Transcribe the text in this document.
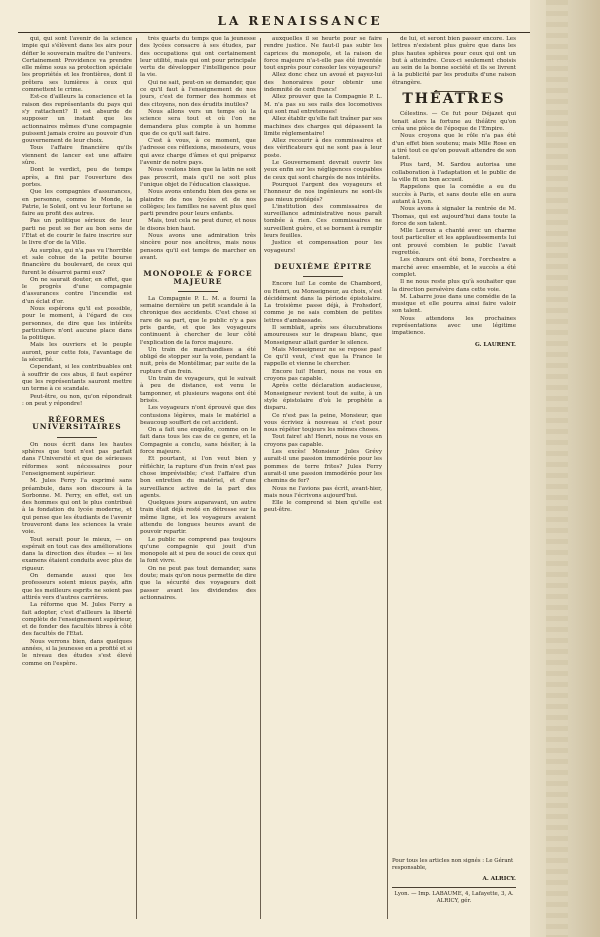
LA RENAISSANCE

qui, qui sont l'avenir de la science impie qui s'élèvent dans les airs pour défier le souverain maître de l'univers. Certainement Providence va prendre elle même sous sa protection spéciale les propriétés et les frontières, dont il prêtera ses lumières à ceux qui commettent le crime.

Est-ce d'ailleurs la conscience et la raison des représentants du pays qui s'y rattachent? Il est absurde de supposer un instant que les actionnaires mêmes d'une compagnie puissent jamais croire au pouvoir d'un gouvernement de leur choix.

Tous l'affaire financière qu'ils viennent de lancer est une affaire sûre.

Dont le verdict, peu de temps après, a fini par l'ouverture des portes.

Que les compagnies d'assurances, en personne, comme le Monde, la Patrie, le Soleil, ont vu leur fortune se faire au profit des autres.

Pas un politique sérieux de leur parti ne peut se fier au bon sens de l'Etat et de courir le faire inscrire sur le livre d'or de la Ville.

Au surplus, qui n'a pas vu l'horrible et sale cohue de la petite bourse financière du boulevard, de ceux qui furent le désarroi parmi eux?

On ne saurait douter, en effet, que le progrès d'une compagnie d'assurances contre l'incendie est d'un éclat d'or.

Nous espérons qu'il est possible, pour le moment, à l'égard de ces personnes, de dire que les intérêts particuliers n'ont aucune place dans la politique.

Mais les ouvriers et le peuple auront, pour cette fois, l'avantage de la sécurité.

Cependant, si les contribuables ont à souffrir de ces abus, il faut espérer que les représentants sauront mettre un terme à ce scandale.

Peut-être, ou non, qu'on répondrait : on peut y répondre!

RÉFORMES UNIVERSITAIRES

On nous écrit dans les hautes sphères que tout n'est pas parfait dans l'Université et que de sérieuses réformes sont nécessaires pour l'enseignement supérieur.

M. Jules Ferry l'a exprimé sans préambule, dans son discours à la Sorbonne. M. Ferry, en effet, est un des hommes qui ont le plus contribué à la fondation du lycée moderne, et qui pense que les étudiants de l'avenir trouveront dans les sciences la vraie voie.

Tout serait pour le mieux, — on espérait en tout cas des améliorations dans la direction des études — si les examens étaient conduits avec plus de rigueur.

On demande aussi que les professeurs soient mieux payés, afin que les meilleurs esprits ne soient pas attirés vers d'autres carrières.

La réforme que M. Jules Ferry a fait adopter, c'est d'ailleurs la liberté complète de l'enseignement supérieur, et de fonder des facultés libres à côté des facultés de l'Etat.

Nous verrons bien, dans quelques années, si la jeunesse en a profité et si le niveau des études s'est élevé comme on l'espère.

très quarts du temps que la jeunesse des lycées consacre à ses études, par des occupations qui ont certainement leur utilité, mais qui ont pour principale vertu de développer l'intelligence pour la vie.

Qui ne sait, peut-on se demander, que ce qu'il faut à l'enseignement de nos jours, c'est de former des hommes et des citoyens, non des érudits inutiles?

Nous allons vers un temps où la science sera tout et où l'on ne demandera plus compte à un homme que de ce qu'il sait faire.

C'est à vous, à ce moment, que j'adresse ces réflexions, messieurs, vous qui avez charge d'âmes et qui préparez l'avenir de notre pays.

Nous voulons bien que la latin ne soit pas proscrit, mais qu'il ne soit plus l'unique objet de l'éducation classique.

Nous avons entendu bien des gens se plaindre de nos lycées et de nos collèges; les familles ne savent plus quel parti prendre pour leurs enfants.

Mais, tout cela ne peut durer, et nous le disons bien haut.

Nous avons une admiration très sincère pour nos ancêtres, mais nous pensons qu'il est temps de marcher en avant.

MONOPOLE & FORCE MAJEURE

La Compagnie P. L. M. a fourni la semaine dernière un petit scandale à la chronique des accidents. C'est chose si rare de sa part, que le public n'y a pas pris garde, et que les voyageurs continuent à chercher de leur côté l'explication de la force majeure.

Un train de marchandises a été obligé de stopper sur la voie, pendant la nuit, près de Montélimar, par suite de la rupture d'un frein.

Un train de voyageurs, qui le suivait à peu de distance, est venu le tamponner, et plusieurs wagons ont été brisés.

Les voyageurs n'ont éprouvé que des contusions légères, mais le matériel a beaucoup souffert de cet accident.

On a fait une enquête, comme on le fait dans tous les cas de ce genre, et la Compagnie a conclu, sans hésiter, à la force majeure.

Et pourtant, si l'on veut bien y réfléchir, la rupture d'un frein n'est pas chose imprévisible; c'est l'affaire d'un bon entretien du matériel, et d'une surveillance active de la part des agents.

Quelques jours auparavant, un autre train était déjà resté en détresse sur la même ligne, et les voyageurs avaient attendu de longues heures avant de pouvoir repartir.

Le public ne comprend pas toujours qu'une compagnie qui jouit d'un monopole ait si peu de souci de ceux qui la font vivre.

On ne peut pas tout demander, sans doute; mais qu'on nous permette de dire que la sécurité des voyageurs doit passer avant les dividendes des actionnaires.

auxquelles il se heurte pour se faire rendre justice. Ne faut-il pas subir les caprices du monopole, et la raison de force majeure n'a-t-elle pas été inventée tout exprès pour consoler les voyageurs?

Allez donc chez un avoué et payez-lui des honoraires pour obtenir une indemnité de cent francs!

Allez prouver que la Compagnie P. L. M. n'a pas su ses rails des locomotives qui sont mal entretenues!

Allez établir qu'elle fait traîner par ses machines des charges qui dépassent la limite réglementaire!

Allez recourir à des commissaires et des vérificateurs qui ne sont pas à leur poste.

Le Gouvernement devrait ouvrir les yeux enfin sur les négligences coupables de ceux qui sont chargés de nos intérêts.

Pourquoi l'argent des voyageurs et l'honneur de nos ingénieurs ne sont-ils pas mieux protégés?

L'institution des commissaires de surveillance administrative nous paraît tombée à rien. Ces commissaires ne surveillent guère, et se bornent à remplir leurs feuilles.

Justice et compensation pour les voyageurs!

DEUXIÈME ÉPITRE

Encore lui! Le comte de Chambord, ou Henri, ou Monseigneur, au choix, s'est décidément dans la période épistolaire. La troisième passe déjà, à Frohsdorf, comme je ne sais combien de petites lettres d'ambassade.

Il semblait, après ses élucubrations amoureuses sur le drapeau blanc, que Monseigneur allait garder le silence.

Mais Monseigneur ne se repose pas! Ce qu'il veut, c'est que la France le rappelle et vienne le chercher.

Encore lui! Henri, nous ne vous en croyons pas capable.

Après cette déclaration audacieuse, Monseigneur revient tout de suite, à un style épistolaire d'où le prophète a disparu.

Ce n'est pas la peine, Monsieur, que vous écriviez à nouveau si c'est pour nous répéter toujours les mêmes choses.

Tout faire! ah! Henri, nous ne vous en croyons pas capable.

Les excès! Monsieur Jules Grévy aurait-il une passion immodérée pour les pommes de terre frites? Jules Ferry aurait-il une passion immodérée pour les chemins de fer?

Nous ne l'avions pas écrit, avant-hier, mais nous l'écrivons aujourd'hui.

Elle le comprend si bien qu'elle est peut-être.

de lui, et seront bien passer encore. Les lettres n'existent plus guère que dans les plus hautes sphères pour ceux qui ont un but à atteindre. Ceux-ci seulement choisis au sein de la bonne société et ils se livrent à la publicité par les produits d'une raison étrangère.

THÉATRES

Célestins. — Ce fut pour Déjazet qui tenait alors la fortune au théâtre qu'on créa une pièce de l'époque de l'Empire.

Nous croyons que le rôle n'a pas été d'un effet bien soutenu; mais Mlle Rose en a tiré tout ce qu'on pouvait attendre de son talent.

Plus tard, M. Sardou autorisa une collaboration à l'adaptation et le public de la ville fit un bon accueil.

Rappelons que la comédie a eu du succès à Paris, et sans doute elle en aura autant à Lyon.

Nous avons à signaler la rentrée de M. Thomas, qui est aujourd'hui dans toute la force de son talent.

Mlle Leroux a chanté avec un charme tout particulier et les applaudissements lui ont prouvé combien le public l'avait regrettée.

Les chœurs ont été bons, l'orchestre a marché avec ensemble, et le succès a été complet.

Il ne nous reste plus qu'à souhaiter que la direction persévère dans cette voie.

M. Labarre joue dans une comédie de la musique et elle pourra ainsi faire valoir son talent.

Nous attendons les prochaines représentations avec une légitime impatience.

G. LAURENT.
Pour tous les articles non signés : Le Gérant responsable,
A. ALRICY.
Lyon. — Imp. LABAUME, 4, Lafayette, 3, A. ALRICY, gér.
